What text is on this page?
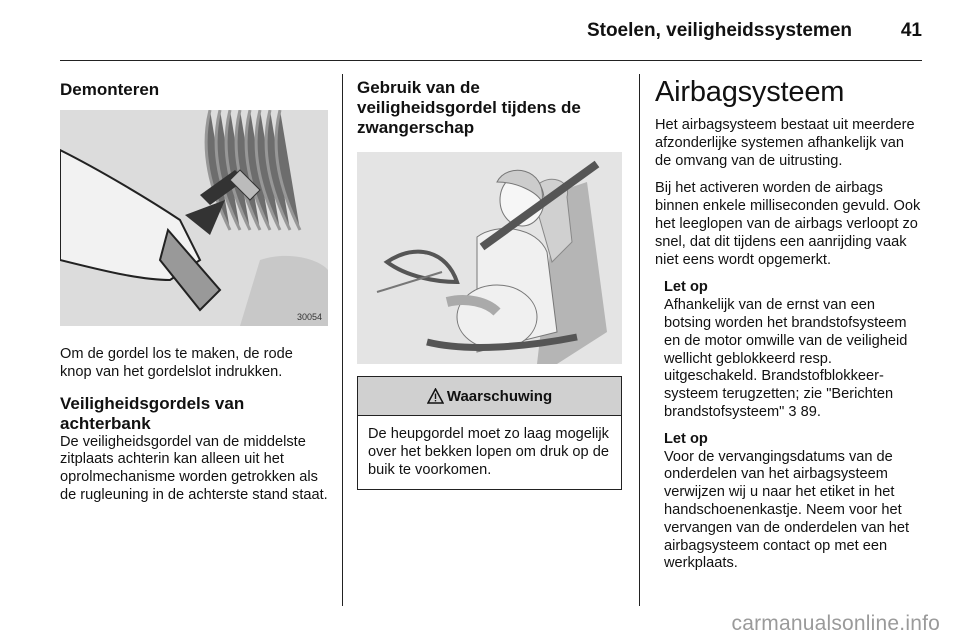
Stoelen, veiligheidssystemen	41
Demonteren
30054

Om de gordel los te maken, de rode knop van het gordelslot indrukken.

Veiligheidsgordels van achterbank

De veiligheidsgordel van de middelste zitplaats achterin kan alleen uit het oprolmechanisme worden getrokken als de rugleuning in de achterste stand staat.

Gebruik van de veiligheidsgordel tijdens de zwangerschap
Waarschuwing

De heupgordel moet zo laag mogelijk over het bekken lopen om druk op de buik te voorkomen.

Airbagsysteem

Het airbagsysteem bestaat uit meerdere afzonderlijke systemen afhankelijk van de omvang van de uitrusting.

Bij het activeren worden de airbags binnen enkele milliseconden gevuld. Ook het leeglopen van de airbags verloopt zo snel, dat dit tijdens een aanrijding vaak niet eens wordt opgemerkt.

Let op

Afhankelijk van de ernst van een botsing worden het brandstofsysteem en de motor omwille van de veiligheid wellicht geblokkeerd resp. uitgeschakeld. Brandstofblokkeersysteem terugzetten; zie "Berichten brandstofsysteem" 3 89.

Let op

Voor de vervangingsdatums van de onderdelen van het airbagsysteem verwijzen wij u naar het etiket in het handschoenenkastje. Neem voor het vervangen van de onderdelen van het airbagsysteem contact op met een werkplaats.

carmanualsonline.info
